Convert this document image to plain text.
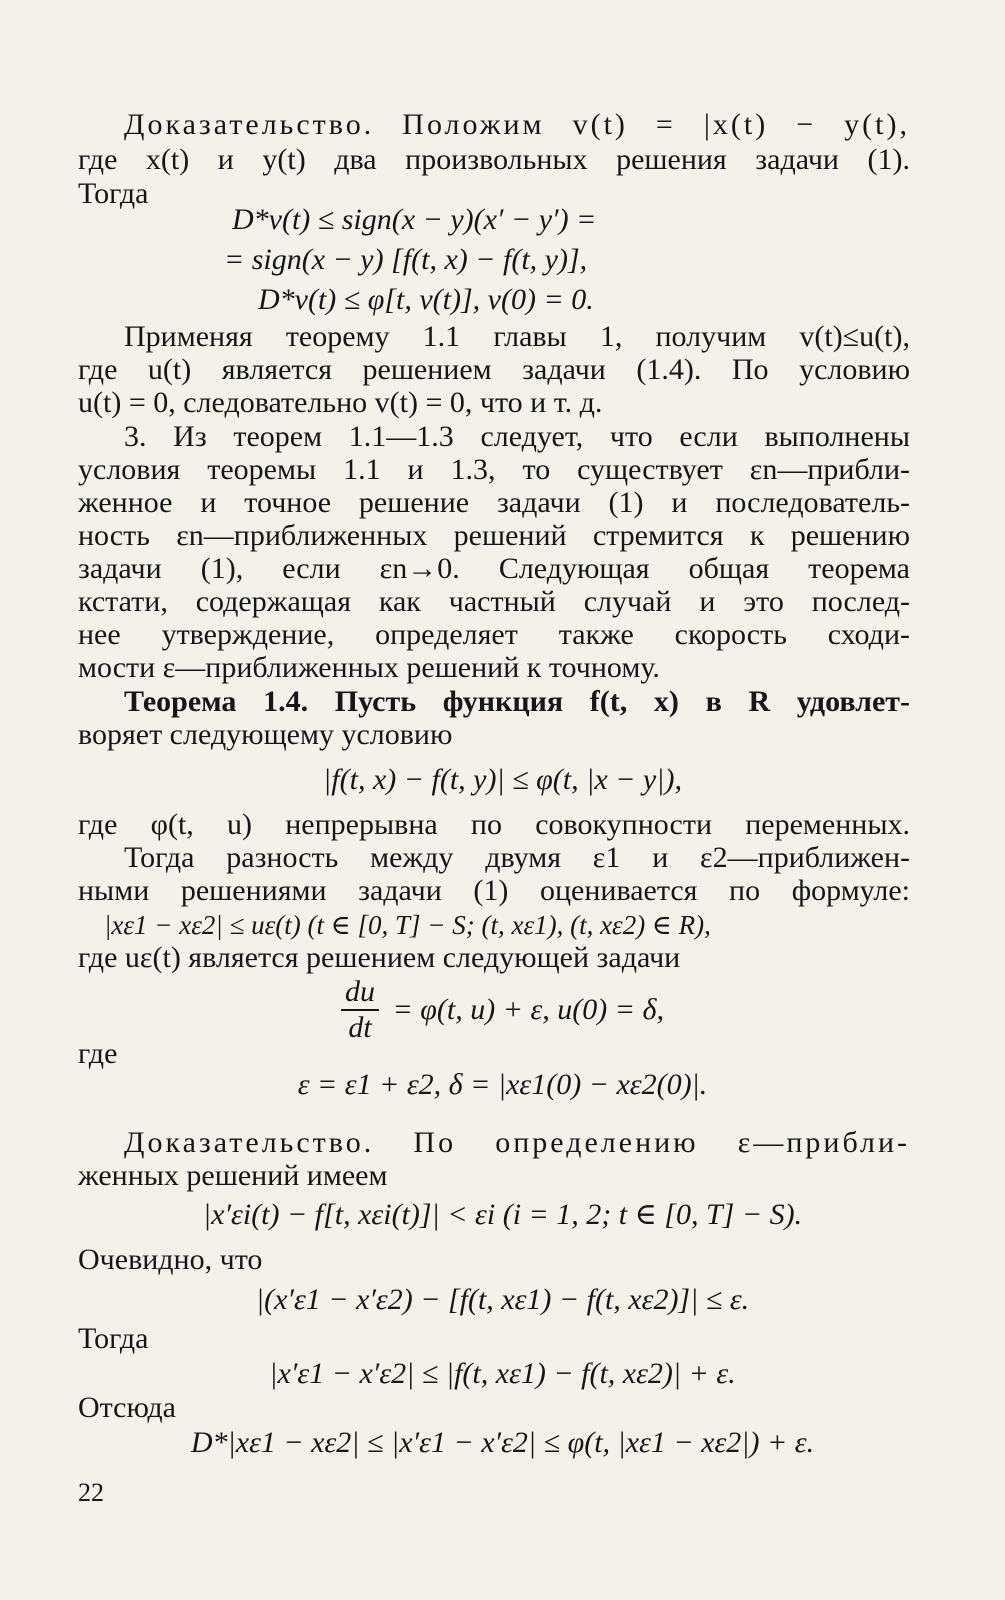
Доказательство. Положим v(t) = |x(t) − y(t),
где x(t) и y(t) два произвольных решения задачи (1).
Тогда
D*v(t) ≤ sign(x − y)(x′ − y′) =
= sign(x − y) [f(t, x) − f(t, y)],
D*v(t) ≤ φ[t, v(t)], v(0) = 0.
Применяя теорему 1.1 главы 1, получим v(t)≤u(t),
где u(t) является решением задачи (1.4). По условию
u(t) = 0, следовательно v(t) = 0, что и т. д.
3. Из теорем 1.1—1.3 следует, что если выполнены
условия теоремы 1.1 и 1.3, то существует εn—прибли-
женное и точное решение задачи (1) и последователь-
ность εn—приближенных решений стремится к решению
задачи (1), если εn→0. Следующая общая теорема
кстати, содержащая как частный случай и это послед-
нее утверждение, определяет также скорость сходи-
мости ε—приближенных решений к точному.
Теорема 1.4. Пусть функция f(t, x) в R удовлет-
воряет следующему условию
|f(t, x) − f(t, y)| ≤ φ(t, |x − y|),
где φ(t, u) непрерывна по совокупности переменных.
Тогда разность между двумя ε1 и ε2—приближен-
ными решениями задачи (1) оценивается по формуле:
|xε1 − xε2| ≤ uε(t) (t ∈ [0, T] − S; (t, xε1), (t, xε2) ∈ R),
где uε(t) является решением следующей задачи
$\frac{du}{dt} = \varphi(t$, u) + ε, u(0) = δ,
где
ε = ε1 + ε2, δ = |xε1(0) − xε2(0)|.
Доказательство. По определению ε—прибли-
женных решений имеем
|x′εi(t) − f[t, xεi(t)]| < εi (i = 1, 2; t ∈ [0, T] − S).
Очевидно, что
|(x′ε1 − x′ε2) − [f(t, xε1) − f(t, xε2)]| ≤ ε.
Тогда
|x′ε1 − x′ε2| ≤ |f(t, xε1) − f(t, xε2)| + ε.
Отсюда
D*|xε1 − xε2| ≤ |x′ε1 − x′ε2| ≤ φ(t, |xε1 − xε2|) + ε.
22
